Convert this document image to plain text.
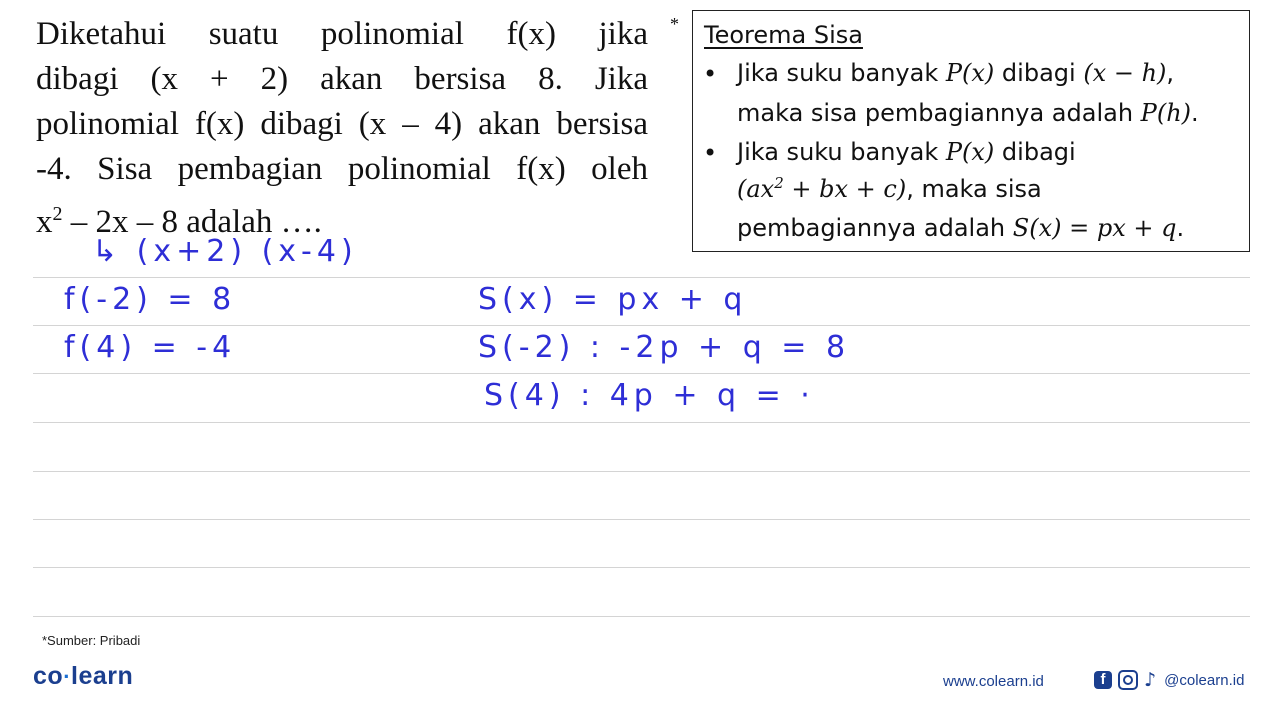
Diketahui suatu polinomial f(x) jika
dibagi (x + 2) akan bersisa 8. Jika
polinomial f(x) dibagi (x – 4) akan bersisa
-4. Sisa pembagian polinomial f(x) oleh
$x^2 - 2x - 8$ adalah ….
* Teorema Sisa
• Jika suku banyak P(x) dibagi (x − h),
maka sisa pembagiannya adalah P(h).
• Jika suku banyak P(x) dibagi
($ax^2$ + bx + c), maka sisa
pembagiannya adalah S(x) = px + q.
↳ (x+2) (x-4)
f(-2) = 8
f(4) = -4
S(x) = px + q
S(-2) : -2p + q = 8
S(4) : 4p + q = ·
*Sumber: Pribadi
co·learn	www.colearn.id	f	♪ @colearn.id
